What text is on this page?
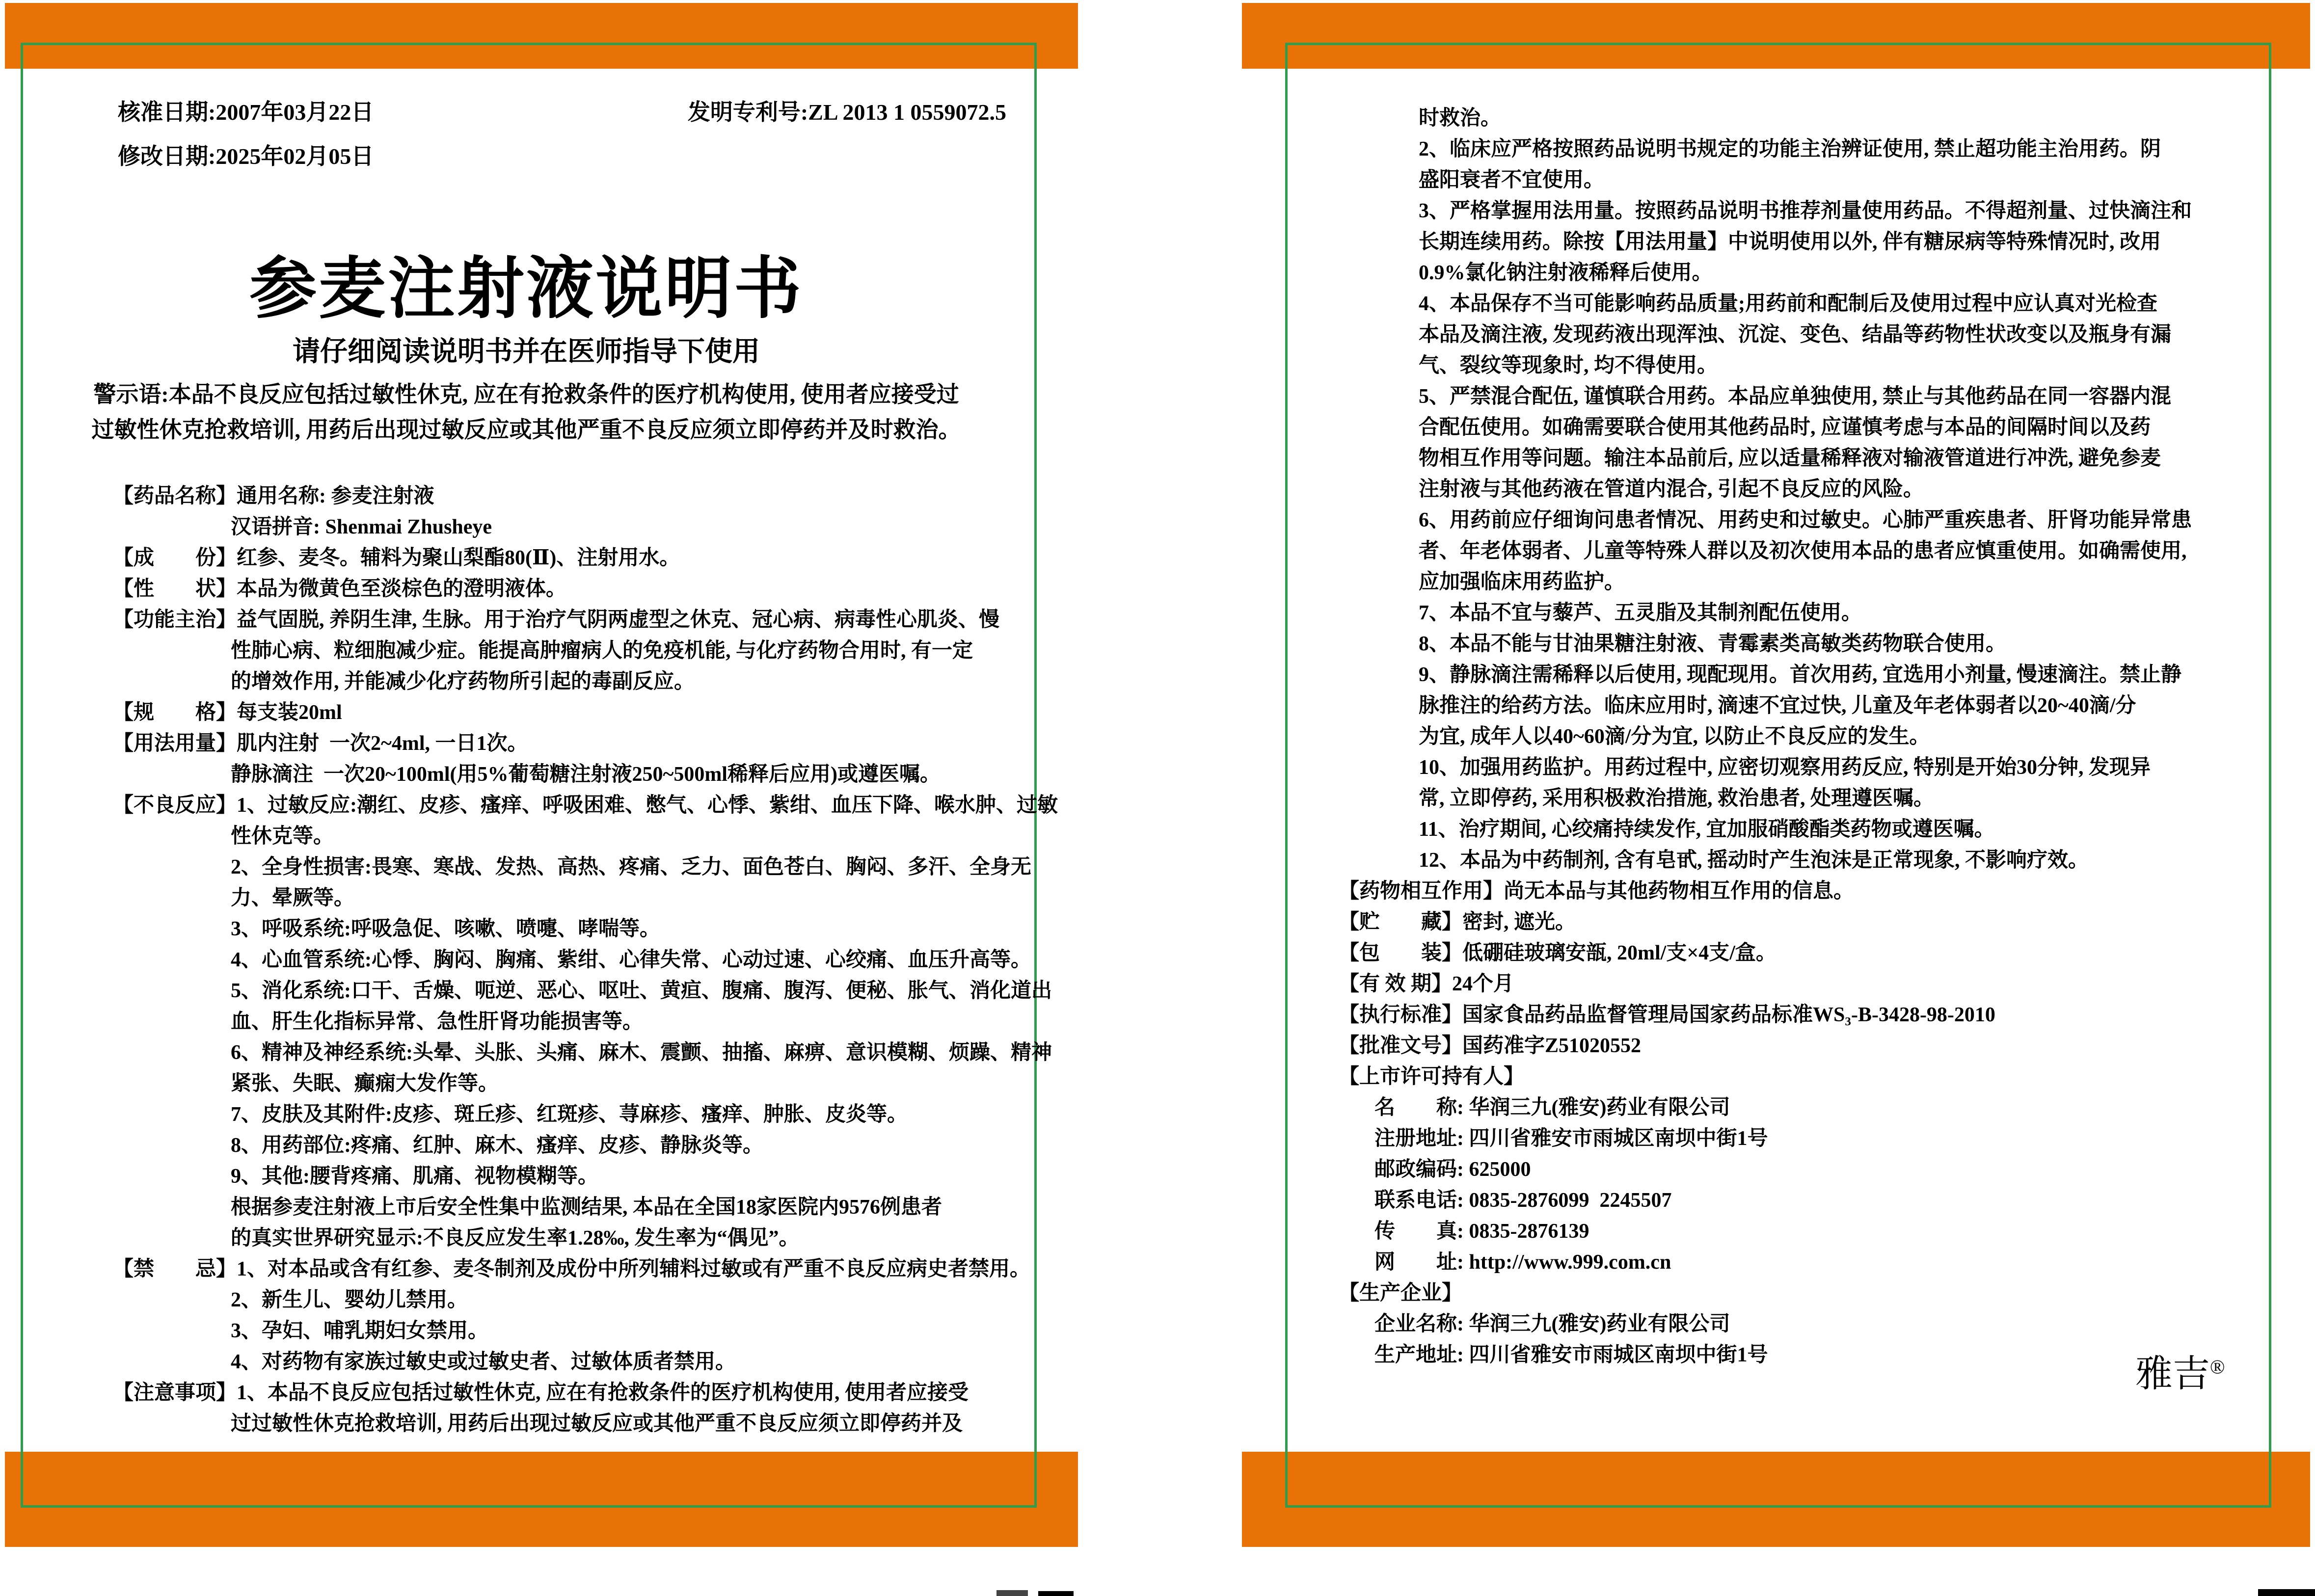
核准日期:2007年03月22日
修改日期:2025年02月05日
发明专利号:ZL 2013 1 0559072.5
参麦注射液说明书
请仔细阅读说明书并在医师指导下使用
警示语:本品不良反应包括过敏性休克, 应在有抢救条件的医疗机构使用, 使用者应接受过
过敏性休克抢救培训, 用药后出现过敏反应或其他严重不良反应须立即停药并及时救治。
【药品名称】 通用名称: 参麦注射液
汉语拼音: Shenmai Zhusheye
【成　　份】 红参、麦冬。辅料为聚山梨酯80(Ⅱ)、注射用水。
【性　　状】 本品为微黄色至淡棕色的澄明液体。
【功能主治】 益气固脱, 养阴生津, 生脉。用于治疗气阴两虚型之休克、冠心病、病毒性心肌炎、慢
性肺心病、粒细胞减少症。能提高肿瘤病人的免疫机能, 与化疗药物合用时, 有一定
的增效作用, 并能减少化疗药物所引起的毒副反应。
【规　　格】 每支装20ml
【用法用量】 肌内注射  一次2~4ml, 一日1次。
静脉滴注  一次20~100ml(用5%葡萄糖注射液250~500ml稀释后应用)或遵医嘱。
【不良反应】 1、过敏反应:潮红、皮疹、瘙痒、呼吸困难、憋气、心悸、紫绀、血压下降、喉水肿、过敏
性休克等。
2、全身性损害:畏寒、寒战、发热、高热、疼痛、乏力、面色苍白、胸闷、多汗、全身无
力、晕厥等。
3、呼吸系统:呼吸急促、咳嗽、喷嚏、哮喘等。
4、心血管系统:心悸、胸闷、胸痛、紫绀、心律失常、心动过速、心绞痛、血压升高等。
5、消化系统:口干、舌燥、呃逆、恶心、呕吐、黄疸、腹痛、腹泻、便秘、胀气、消化道出
血、肝生化指标异常、急性肝肾功能损害等。
6、精神及神经系统:头晕、头胀、头痛、麻木、震颤、抽搐、麻痹、意识模糊、烦躁、精神
紧张、失眠、癫痫大发作等。
7、皮肤及其附件:皮疹、斑丘疹、红斑疹、荨麻疹、瘙痒、肿胀、皮炎等。
8、用药部位:疼痛、红肿、麻木、瘙痒、皮疹、静脉炎等。
9、其他:腰背疼痛、肌痛、视物模糊等。
根据参麦注射液上市后安全性集中监测结果, 本品在全国18家医院内9576例患者
的真实世界研究显示:不良反应发生率1.28‰, 发生率为“偶见”。
【禁　　忌】 1、对本品或含有红参、麦冬制剂及成份中所列辅料过敏或有严重不良反应病史者禁用。
2、新生儿、婴幼儿禁用。
3、孕妇、哺乳期妇女禁用。
4、对药物有家族过敏史或过敏史者、过敏体质者禁用。
【注意事项】 1、本品不良反应包括过敏性休克, 应在有抢救条件的医疗机构使用, 使用者应接受
过过敏性休克抢救培训, 用药后出现过敏反应或其他严重不良反应须立即停药并及
时救治。
2、临床应严格按照药品说明书规定的功能主治辨证使用, 禁止超功能主治用药。阴
盛阳衰者不宜使用。
3、严格掌握用法用量。按照药品说明书推荐剂量使用药品。不得超剂量、过快滴注和
长期连续用药。除按【用法用量】中说明使用以外, 伴有糖尿病等特殊情况时, 改用
0.9%氯化钠注射液稀释后使用。
4、本品保存不当可能影响药品质量;用药前和配制后及使用过程中应认真对光检查
本品及滴注液, 发现药液出现浑浊、沉淀、变色、结晶等药物性状改变以及瓶身有漏
气、裂纹等现象时, 均不得使用。
5、严禁混合配伍, 谨慎联合用药。本品应单独使用, 禁止与其他药品在同一容器内混
合配伍使用。如确需要联合使用其他药品时, 应谨慎考虑与本品的间隔时间以及药
物相互作用等问题。输注本品前后, 应以适量稀释液对输液管道进行冲洗, 避免参麦
注射液与其他药液在管道内混合, 引起不良反应的风险。
6、用药前应仔细询问患者情况、用药史和过敏史。心肺严重疾患者、肝肾功能异常患
者、年老体弱者、儿童等特殊人群以及初次使用本品的患者应慎重使用。如确需使用,
应加强临床用药监护。
7、本品不宜与藜芦、五灵脂及其制剂配伍使用。
8、本品不能与甘油果糖注射液、青霉素类高敏类药物联合使用。
9、静脉滴注需稀释以后使用, 现配现用。首次用药, 宜选用小剂量, 慢速滴注。禁止静
脉推注的给药方法。临床应用时, 滴速不宜过快, 儿童及年老体弱者以20~40滴/分
为宜, 成年人以40~60滴/分为宜, 以防止不良反应的发生。
10、加强用药监护。用药过程中, 应密切观察用药反应, 特别是开始30分钟, 发现异
常, 立即停药, 采用积极救治措施, 救治患者, 处理遵医嘱。
11、治疗期间, 心绞痛持续发作, 宜加服硝酸酯类药物或遵医嘱。
12、本品为中药制剂, 含有皂甙, 摇动时产生泡沫是正常现象, 不影响疗效。
【药物相互作用】尚无本品与其他药物相互作用的信息。
【贮　　藏】密封, 遮光。
【包　　装】低硼硅玻璃安瓿, 20ml/支×4支/盒。
【有 效 期】24个月
【执行标准】国家食品药品监督管理局国家药品标准WS₃-B-3428-98-2010
【批准文号】国药准字Z51020552
【上市许可持有人】
名　　称: 华润三九(雅安)药业有限公司
注册地址: 四川省雅安市雨城区南坝中街1号
邮政编码: 625000
联系电话: 0835-2876099  2245507
传　　真: 0835-2876139
网　　址: http://www.999.com.cn
【生产企业】
企业名称: 华润三九(雅安)药业有限公司
生产地址: 四川省雅安市雨城区南坝中街1号	雅吉®
